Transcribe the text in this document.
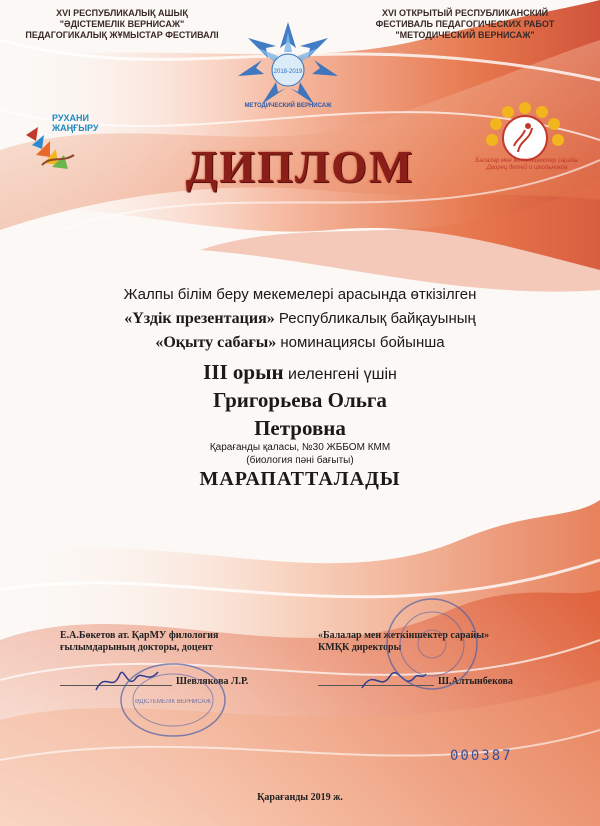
XVI РЕСПУБЛИКАЛЫҚ АШЫҚ
"ӘДІСТЕМЕЛІК ВЕРНИСАЖ"
ПЕДАГОГИКАЛЫҚ ЖҰМЫСТАР ФЕСТИВАЛІ
XVI ОТКРЫТЫЙ РЕСПУБЛИКАНСКИЙ
ФЕСТИВАЛЬ ПЕДАГОГИЧЕСКИХ РАБОТ
"МЕТОДИЧЕСКИЙ ВЕРНИСАЖ"
2018-2019
МЕТОДИЧЕСКИЙ ВЕРНИСАЖ
РУХАНИ
ЖАҢҒЫРУ
Балалар мен жеткіншектер сарайы
Дворец детей и школьников
ДИПЛОМ
Жалпы білім беру мекемелері арасында өткізілген
«Үздік презентация» Республикалық байқауының
«Оқыту сабағы» номинациясы бойынша
III орын иеленгені үшін
Григорьева Ольга
Петровна
Қарағанды қаласы, №30 ЖББОМ КММ
(биология пәні бағыты)
МАРАПАТТАЛАДЫ
Е.А.Бөкетов ат. ҚарМУ филология
ғылымдарының докторы, доцент
«Балалар мен жеткіншектер сарайы»
КМҚК директоры
Шевлякова Л.Р.	Ш.Алтынбекова
ӘДІСТЕМЕЛІК ВЕРНИСАЖ
000387
Қарағанды 2019 ж.
